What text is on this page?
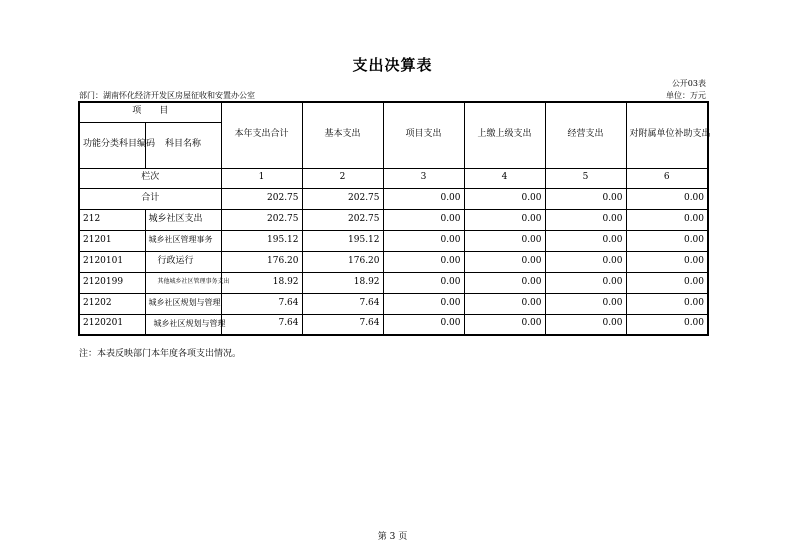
支出决算表
公开03表
部门：湖南怀化经济开发区房屋征收和安置办公室	单位：万元
项　　目		本年支出合计	基本支出	项目支出	上缴上级支出	经营支出	对附属单位补助支出
功能分类科目编码	科目名称						
栏次		1	2	3	4	5	6
合计		202.75	202.75	0.00	0.00	0.00	0.00
212	城乡社区支出	202.75	202.75	0.00	0.00	0.00	0.00
21201	城乡社区管理事务	195.12	195.12	0.00	0.00	0.00	0.00
2120101	行政运行	176.20	176.20	0.00	0.00	0.00	0.00
2120199	其他城乡社区管理事务支出	18.92	18.92	0.00	0.00	0.00	0.00
21202	城乡社区规划与管理	7.64	7.64	0.00	0.00	0.00	0.00
2120201	城乡社区规划与管理	7.64	7.64	0.00	0.00	0.00	0.00
注：本表反映部门本年度各项支出情况。
第 3 页
